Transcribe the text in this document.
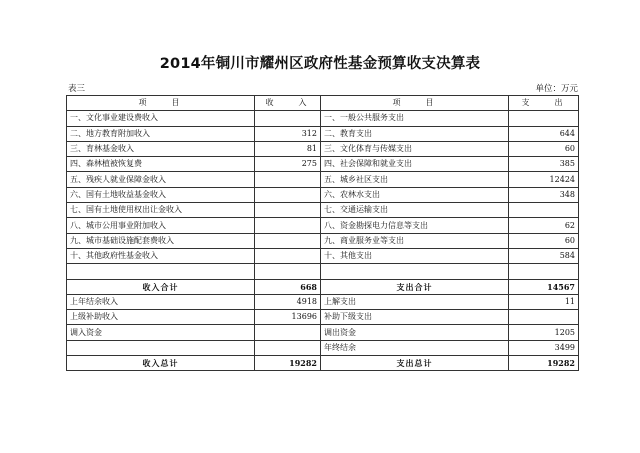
2014年铜川市耀州区政府性基金预算收支决算表
表三	单位：万元
项　　目	收　　入	项　　目	支　　出
一、文化事业建设费收入		一、一般公共服务支出	
二、地方教育附加收入	312	二、教育支出	644
三、育林基金收入	81	三、文化体育与传媒支出	60
四、森林植被恢复费	275	四、社会保障和就业支出	385
五、残疾人就业保障金收入		五、城乡社区支出	12424
六、国有土地收益基金收入		六、农林水支出	348
七、国有土地使用权出让金收入		七、交通运输支出	
八、城市公用事业附加收入		八、资金勘探电力信息等支出	62
九、城市基础设施配套费收入		九、商业服务业等支出	60
十、其他政府性基金收入		十、其他支出	584

收入合计	668	支出合计	14567
上年结余收入	4918	上解支出	11
上级补助收入	13696	补助下级支出	
调入资金		调出资金	1205
		年终结余	3499
收入总计	19282	支出总计	19282
